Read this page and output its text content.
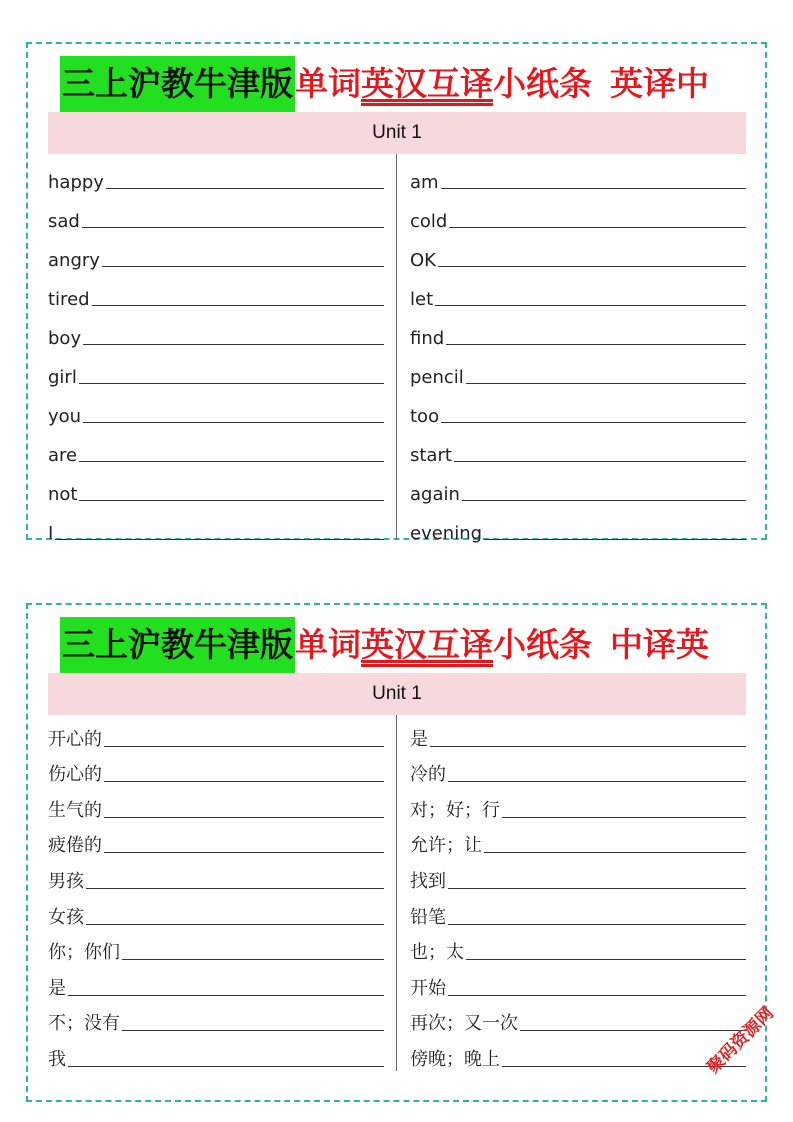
三上沪教牛津版单词英汉互译小纸条 英译中
Unit 1
happy
sad
angry
tired
boy
girl
you
are
not
I
am
cold
OK
let
find
pencil
too
start
again
evening
三上沪教牛津版单词英汉互译小纸条 中译英
Unit 1
开心的
伤心的
生气的
疲倦的
男孩
女孩
你；你们
是
不；没有
我
是
冷的
对；好；行
允许；让
找到
铅笔
也；太
开始
再次；又一次
傍晚；晚上	聚码资源网
